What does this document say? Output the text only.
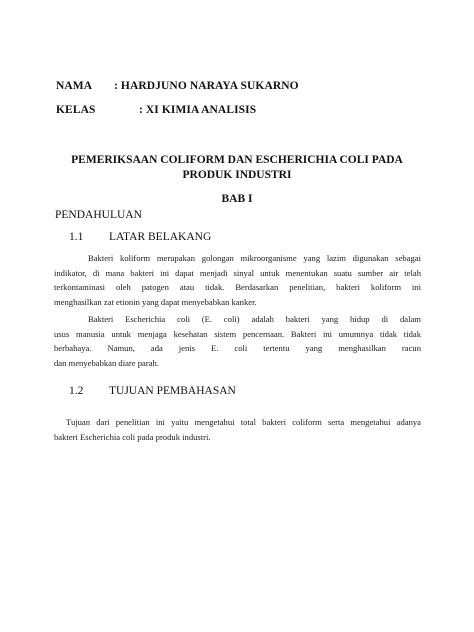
NAMA : HARDJUNO NARAYA SUKARNO
KELAS	: XI KIMIA ANALISIS
PEMERIKSAAN COLIFORM DAN ESCHERICHIA COLI PADA
PRODUK INDUSTRI
BAB I
PENDAHULUAN
1.1 LATAR BELAKANG
Bakteri koliform merupakan golongan mikroorganisme yang lazim digunakan sebagai
indikator, di mana bakteri ini dapat menjadi sinyal untuk menentukan suatu sumber air telah
terkontaminasi oleh patogen atau tidak. Berdasarkan penelitian, bakteri koliform ini
menghasilkan zat etionin yang dapat menyebabkan kanker.
Bakteri Escherichia coli (E. coli) adalah bakteri yang hidup di dalam
usus manusia untuk menjaga kesehatan sistem pencernaan. Bakteri ini umumnya tidak tidak
berbahaya. Namun, ada jenis E. coli tertentu yang menghasilkan racun
dan menyebabkan diare parah.
1.2 TUJUAN PEMBAHASAN
Tujuan dari penelitian ini yaitu mengetahui total bakteri coliform serta mengetahui adanya
bakteri Escherichia coli pada produk industri.
